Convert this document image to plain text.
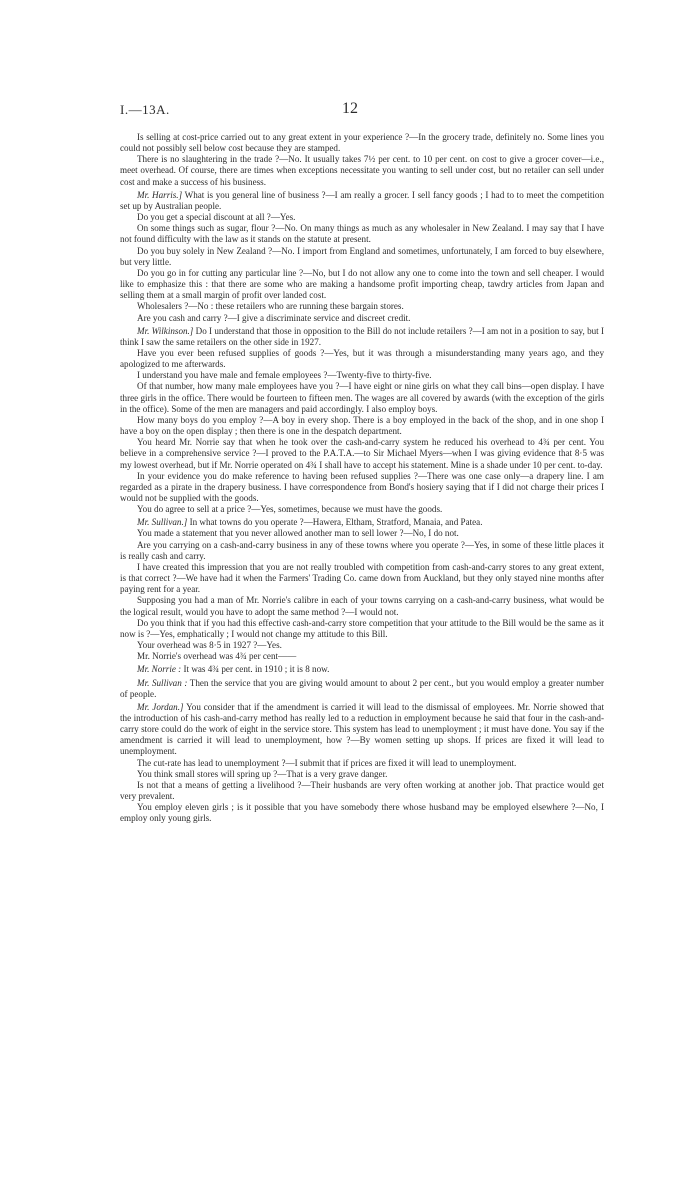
I.—13A.	12

Is selling at cost-price carried out to any great extent in your experience ?—In the grocery trade, definitely no. Some lines you could not possibly sell below cost because they are stamped.

There is no slaughtering in the trade ?—No. It usually takes 7½ per cent. to 10 per cent. on cost to give a grocer cover—i.e., meet overhead. Of course, there are times when exceptions necessitate you wanting to sell under cost, but no retailer can sell under cost and make a success of his business.

Mr. Harris.] What is you general line of business ?—I am really a grocer. I sell fancy goods ; I had to to meet the competition set up by Australian people.

Do you get a special discount at all ?—Yes.

On some things such as sugar, flour ?—No. On many things as much as any wholesaler in New Zealand. I may say that I have not found difficulty with the law as it stands on the statute at present.

Do you buy solely in New Zealand ?—No. I import from England and sometimes, unfortunately, I am forced to buy elsewhere, but very little.

Do you go in for cutting any particular line ?—No, but I do not allow any one to come into the town and sell cheaper. I would like to emphasize this : that there are some who are making a handsome profit importing cheap, tawdry articles from Japan and selling them at a small margin of profit over landed cost.

Wholesalers ?—No : these retailers who are running these bargain stores.

Are you cash and carry ?—I give a discriminate service and discreet credit.

Mr. Wilkinson.] Do I understand that those in opposition to the Bill do not include retailers ?—I am not in a position to say, but I think I saw the same retailers on the other side in 1927.

Have you ever been refused supplies of goods ?—Yes, but it was through a misunderstanding many years ago, and they apologized to me afterwards.

I understand you have male and female employees ?—Twenty-five to thirty-five.

Of that number, how many male employees have you ?—I have eight or nine girls on what they call bins—open display. I have three girls in the office. There would be fourteen to fifteen men. The wages are all covered by awards (with the exception of the girls in the office). Some of the men are managers and paid accordingly. I also employ boys.

How many boys do you employ ?—A boy in every shop. There is a boy employed in the back of the shop, and in one shop I have a boy on the open display ; then there is one in the despatch department.

You heard Mr. Norrie say that when he took over the cash-and-carry system he reduced his overhead to 4¾ per cent. You believe in a comprehensive service ?—I proved to the P.A.T.A.—to Sir Michael Myers—when I was giving evidence that 8·5 was my lowest overhead, but if Mr. Norrie operated on 4¾ I shall have to accept his statement. Mine is a shade under 10 per cent. to-day.

In your evidence you do make reference to having been refused supplies ?—There was one case only—a drapery line. I am regarded as a pirate in the drapery business. I have correspondence from Bond's hosiery saying that if I did not charge their prices I would not be supplied with the goods.

You do agree to sell at a price ?—Yes, sometimes, because we must have the goods.

Mr. Sullivan.] In what towns do you operate ?—Hawera, Eltham, Stratford, Manaia, and Patea.

You made a statement that you never allowed another man to sell lower ?—No, I do not.

Are you carrying on a cash-and-carry business in any of these towns where you operate ?—Yes, in some of these little places it is really cash and carry.

I have created this impression that you are not really troubled with competition from cash-and-carry stores to any great extent, is that correct ?—We have had it when the Farmers' Trading Co. came down from Auckland, but they only stayed nine months after paying rent for a year.

Supposing you had a man of Mr. Norrie's calibre in each of your towns carrying on a cash-and-carry business, what would be the logical result, would you have to adopt the same method ?—I would not.

Do you think that if you had this effective cash-and-carry store competition that your attitude to the Bill would be the same as it now is ?—Yes, emphatically ; I would not change my attitude to this Bill.

Your overhead was 8·5 in 1927 ?—Yes.

Mr. Norrie's overhead was 4¾ per cent——

Mr. Norrie : It was 4¾ per cent. in 1910 ; it is 8 now.

Mr. Sullivan : Then the service that you are giving would amount to about 2 per cent., but you would employ a greater number of people.

Mr. Jordan.] You consider that if the amendment is carried it will lead to the dismissal of employees. Mr. Norrie showed that the introduction of his cash-and-carry method has really led to a reduction in employment because he said that four in the cash-and-carry store could do the work of eight in the service store. This system has lead to unemployment ; it must have done. You say if the amendment is carried it will lead to unemployment, how ?—By women setting up shops. If prices are fixed it will lead to unemployment.

The cut-rate has lead to unemployment ?—I submit that if prices are fixed it will lead to unemployment.

You think small stores will spring up ?—That is a very grave danger.

Is not that a means of getting a livelihood ?—Their husbands are very often working at another job. That practice would get very prevalent.

You employ eleven girls ; is it possible that you have somebody there whose husband may be employed elsewhere ?—No, I employ only young girls.
